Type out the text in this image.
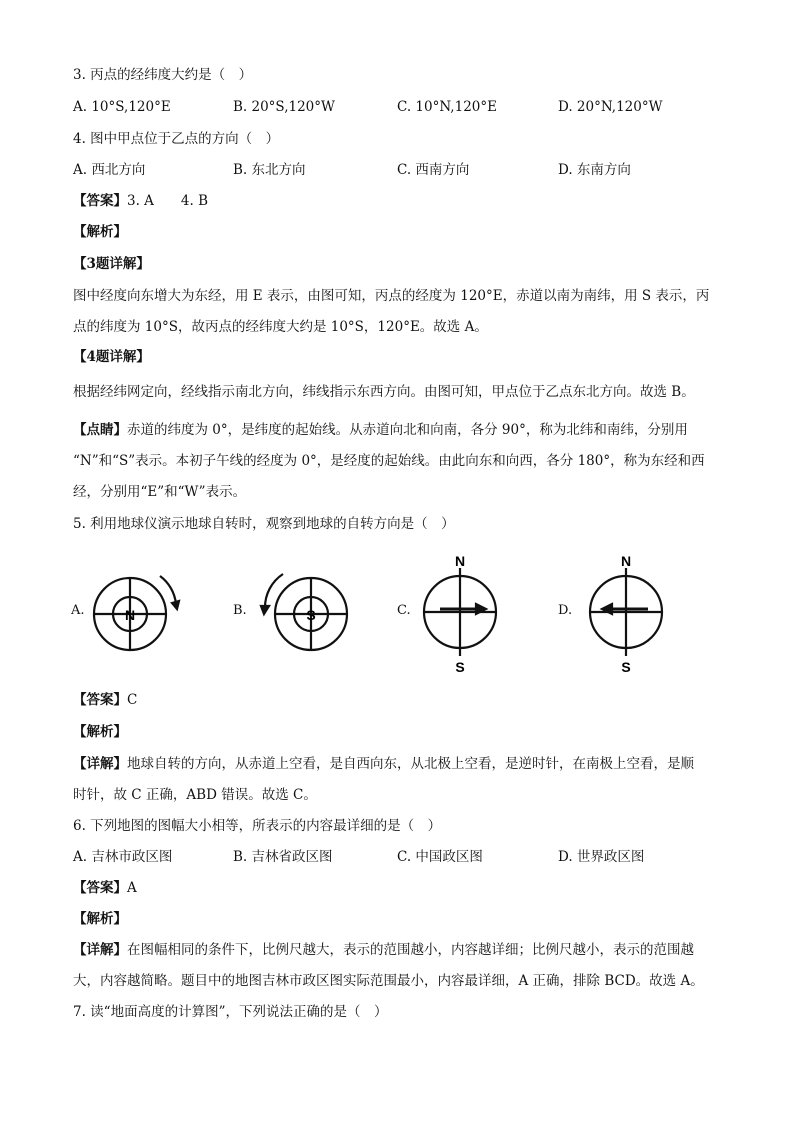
3. 丙点的经纬度大约是（　）
A. 10°S,120°E	B. 20°S,120°W	C. 10°N,120°E	D. 20°N,120°W
4. 图中甲点位于乙点的方向（　）
A. 西北方向	B. 东北方向	C. 西南方向	D. 东南方向
【答案】3. A　　4. B
【解析】
【3题详解】
图中经度向东增大为东经，用 E 表示，由图可知，丙点的经度为 120°E，赤道以南为南纬，用 S 表示，丙
点的纬度为 10°S，故丙点的经纬度大约是 10°S，120°E。故选 A。
【4题详解】
根据经纬网定向，经线指示南北方向，纬线指示东西方向。由图可知，甲点位于乙点东北方向。故选 B。
【点睛】赤道的纬度为 0°，是纬度的起始线。从赤道向北和向南，各分 90°，称为北纬和南纬，分别用
“N”和“S”表示。本初子午线的经度为 0°，是经度的起始线。由此向东和向西，各分 180°，称为东经和西
经，分别用“E”和“W”表示。
5. 利用地球仪演示地球自转时，观察到地球的自转方向是（　）
A.	N	B.	S	C.
N
S
D.
N
S
【答案】C
【解析】
【详解】地球自转的方向，从赤道上空看，是自西向东，从北极上空看，是逆时针，在南极上空看，是顺
时针，故 C 正确，ABD 错误。故选 C。
6. 下列地图的图幅大小相等，所表示的内容最详细的是（　）
A. 吉林市政区图	B. 吉林省政区图	C. 中国政区图	D. 世界政区图
【答案】A
【解析】
【详解】在图幅相同的条件下，比例尺越大，表示的范围越小，内容越详细；比例尺越小，表示的范围越
大，内容越简略。题目中的地图吉林市政区图实际范围最小，内容最详细，A 正确，排除 BCD。故选 A。
7. 读“地面高度的计算图”，下列说法正确的是（　）
